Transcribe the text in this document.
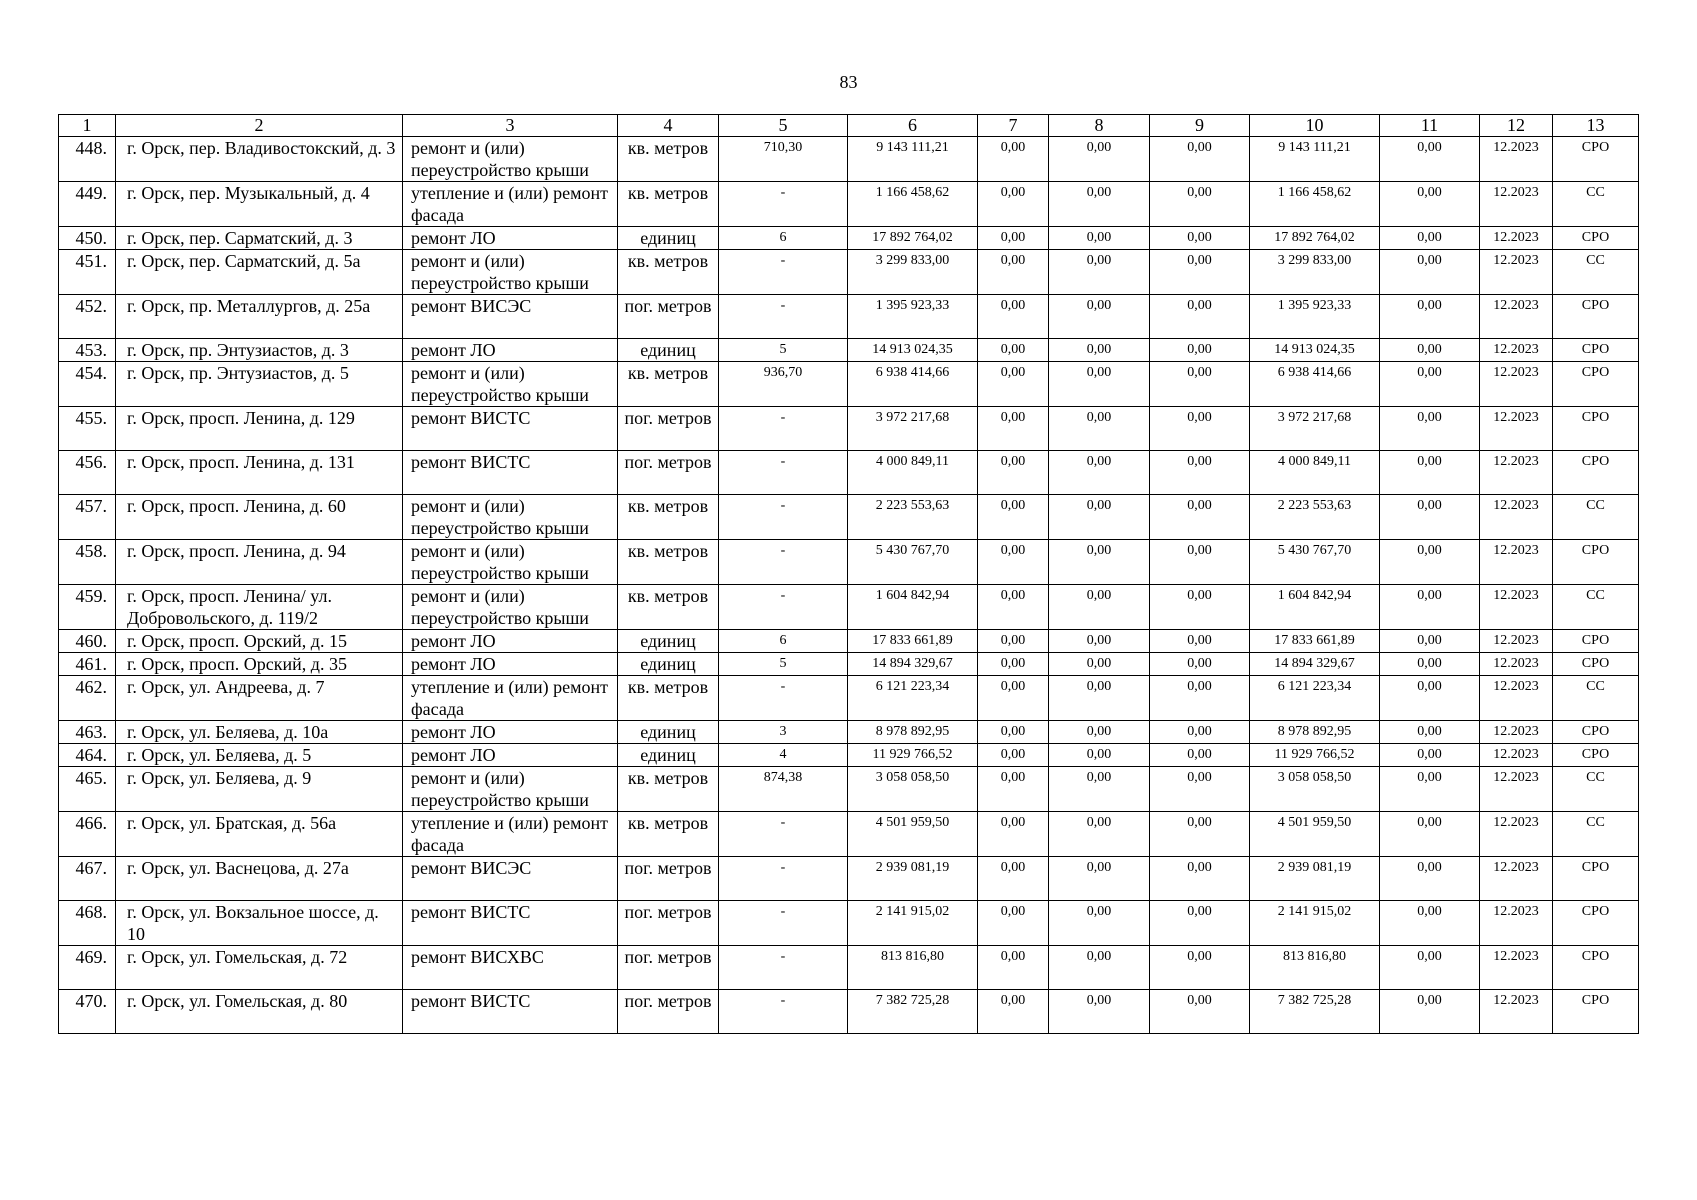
83
1	2	3	4	5	6	7	8	9	10	11	12	13
448.	г. Орск, пер. Владивостокский, д. 3	ремонт и (или) переустройство крыши	кв. метров	710,30	9 143 111,21	0,00	0,00	0,00	9 143 111,21	0,00	12.2023	СРО
449.	г. Орск, пер. Музыкальный, д. 4	утепление и (или) ремонт фасада	кв. метров	-	1 166 458,62	0,00	0,00	0,00	1 166 458,62	0,00	12.2023	СС
450.	г. Орск, пер. Сарматский, д. 3	ремонт ЛО	единиц	6	17 892 764,02	0,00	0,00	0,00	17 892 764,02	0,00	12.2023	СРО
451.	г. Орск, пер. Сарматский, д. 5а	ремонт и (или) переустройство крыши	кв. метров	-	3 299 833,00	0,00	0,00	0,00	3 299 833,00	0,00	12.2023	СС
452.	г. Орск, пр. Металлургов, д. 25а	ремонт ВИСЭС	пог. метров	-	1 395 923,33	0,00	0,00	0,00	1 395 923,33	0,00	12.2023	СРО
453.	г. Орск, пр. Энтузиастов, д. 3	ремонт ЛО	единиц	5	14 913 024,35	0,00	0,00	0,00	14 913 024,35	0,00	12.2023	СРО
454.	г. Орск, пр. Энтузиастов, д. 5	ремонт и (или) переустройство крыши	кв. метров	936,70	6 938 414,66	0,00	0,00	0,00	6 938 414,66	0,00	12.2023	СРО
455.	г. Орск, просп. Ленина, д. 129	ремонт ВИСТС	пог. метров	-	3 972 217,68	0,00	0,00	0,00	3 972 217,68	0,00	12.2023	СРО
456.	г. Орск, просп. Ленина, д. 131	ремонт ВИСТС	пог. метров	-	4 000 849,11	0,00	0,00	0,00	4 000 849,11	0,00	12.2023	СРО
457.	г. Орск, просп. Ленина, д. 60	ремонт и (или) переустройство крыши	кв. метров	-	2 223 553,63	0,00	0,00	0,00	2 223 553,63	0,00	12.2023	СС
458.	г. Орск, просп. Ленина, д. 94	ремонт и (или) переустройство крыши	кв. метров	-	5 430 767,70	0,00	0,00	0,00	5 430 767,70	0,00	12.2023	СРО
459.	г. Орск, просп. Ленина/ ул. Добровольского, д. 119/2	ремонт и (или) переустройство крыши	кв. метров	-	1 604 842,94	0,00	0,00	0,00	1 604 842,94	0,00	12.2023	СС
460.	г. Орск, просп. Орский, д. 15	ремонт ЛО	единиц	6	17 833 661,89	0,00	0,00	0,00	17 833 661,89	0,00	12.2023	СРО
461.	г. Орск, просп. Орский, д. 35	ремонт ЛО	единиц	5	14 894 329,67	0,00	0,00	0,00	14 894 329,67	0,00	12.2023	СРО
462.	г. Орск, ул. Андреева, д. 7	утепление и (или) ремонт фасада	кв. метров	-	6 121 223,34	0,00	0,00	0,00	6 121 223,34	0,00	12.2023	СС
463.	г. Орск, ул. Беляева, д. 10а	ремонт ЛО	единиц	3	8 978 892,95	0,00	0,00	0,00	8 978 892,95	0,00	12.2023	СРО
464.	г. Орск, ул. Беляева, д. 5	ремонт ЛО	единиц	4	11 929 766,52	0,00	0,00	0,00	11 929 766,52	0,00	12.2023	СРО
465.	г. Орск, ул. Беляева, д. 9	ремонт и (или) переустройство крыши	кв. метров	874,38	3 058 058,50	0,00	0,00	0,00	3 058 058,50	0,00	12.2023	СС
466.	г. Орск, ул. Братская, д. 56а	утепление и (или) ремонт фасада	кв. метров	-	4 501 959,50	0,00	0,00	0,00	4 501 959,50	0,00	12.2023	СС
467.	г. Орск, ул. Васнецова, д. 27а	ремонт ВИСЭС	пог. метров	-	2 939 081,19	0,00	0,00	0,00	2 939 081,19	0,00	12.2023	СРО
468.	г. Орск, ул. Вокзальное шоссе, д. 10	ремонт ВИСТС	пог. метров	-	2 141 915,02	0,00	0,00	0,00	2 141 915,02	0,00	12.2023	СРО
469.	г. Орск, ул. Гомельская, д. 72	ремонт ВИСХВС	пог. метров	-	813 816,80	0,00	0,00	0,00	813 816,80	0,00	12.2023	СРО
470.	г. Орск, ул. Гомельская, д. 80	ремонт ВИСТС	пог. метров	-	7 382 725,28	0,00	0,00	0,00	7 382 725,28	0,00	12.2023	СРО
